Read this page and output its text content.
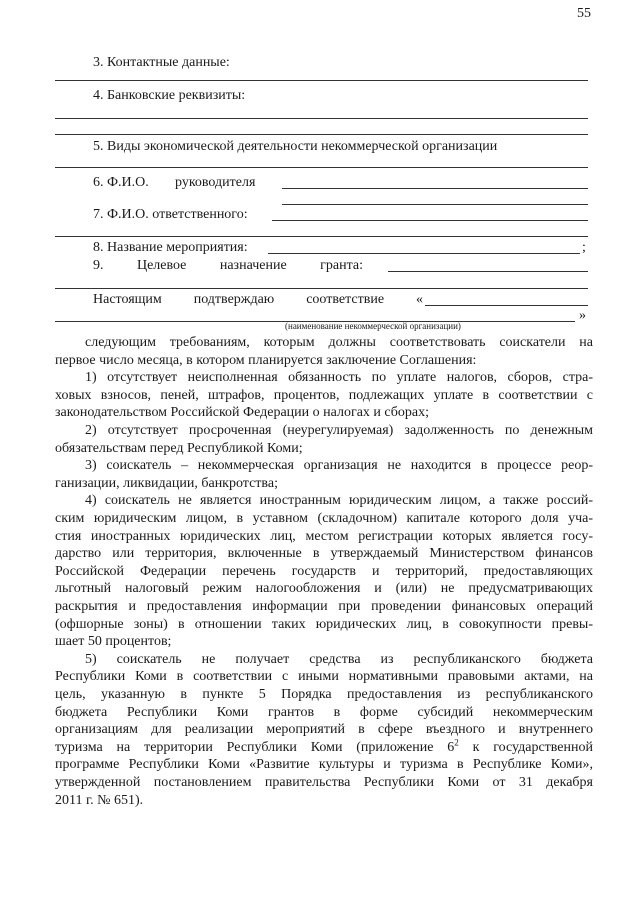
55
3. Контактные данные:
4. Банковские реквизиты:
5. Виды экономической деятельности некоммерческой организации
6. Ф.И.О. руководителя
7. Ф.И.О. ответственного:
8. Название мероприятия:	;
9. Целевое назначение гранта:
Настоящим подтверждаю соответствие «
»
(наименование некоммерческой организации)
следующим требованиям, которым должны соответствовать соискатели на
первое число месяца, в котором планируется заключение Соглашения:
1) отсутствует неисполненная обязанность по уплате налогов, сборов, стра-
ховых взносов, пеней, штрафов, процентов, подлежащих уплате в соответствии с
законодательством Российской Федерации о налогах и сборах;
2) отсутствует просроченная (неурегулируемая) задолженность по денежным
обязательствам перед Республикой Коми;
3) соискатель – некоммерческая организация не находится в процессе реор-
ганизации, ликвидации, банкротства;
4) соискатель не является иностранным юридическим лицом, а также россий-
ским юридическим лицом, в уставном (складочном) капитале которого доля уча-
стия иностранных юридических лиц, местом регистрации которых является госу-
дарство или территория, включенные в утверждаемый Министерством финансов
Российской Федерации перечень государств и территорий, предоставляющих
льготный налоговый режим налогообложения и (или) не предусматривающих
раскрытия и предоставления информации при проведении финансовых операций
(офшорные зоны) в отношении таких юридических лиц, в совокупности превы-
шает 50 процентов;
5) соискатель не получает средства из республиканского бюджета
Республики Коми в соответствии с иными нормативными правовыми актами, на
цель, указанную в пункте 5 Порядка предоставления из республиканского
бюджета Республики Коми грантов в форме субсидий некоммерческим
организациям для реализации мероприятий в сфере въездного и внутреннего
туризма на территории Республики Коми (приложение $6^2$ к государственной
программе Республики Коми «Развитие культуры и туризма в Республике Коми»,
утвержденной постановлением правительства Республики Коми от 31 декабря
2011 г. № 651).
